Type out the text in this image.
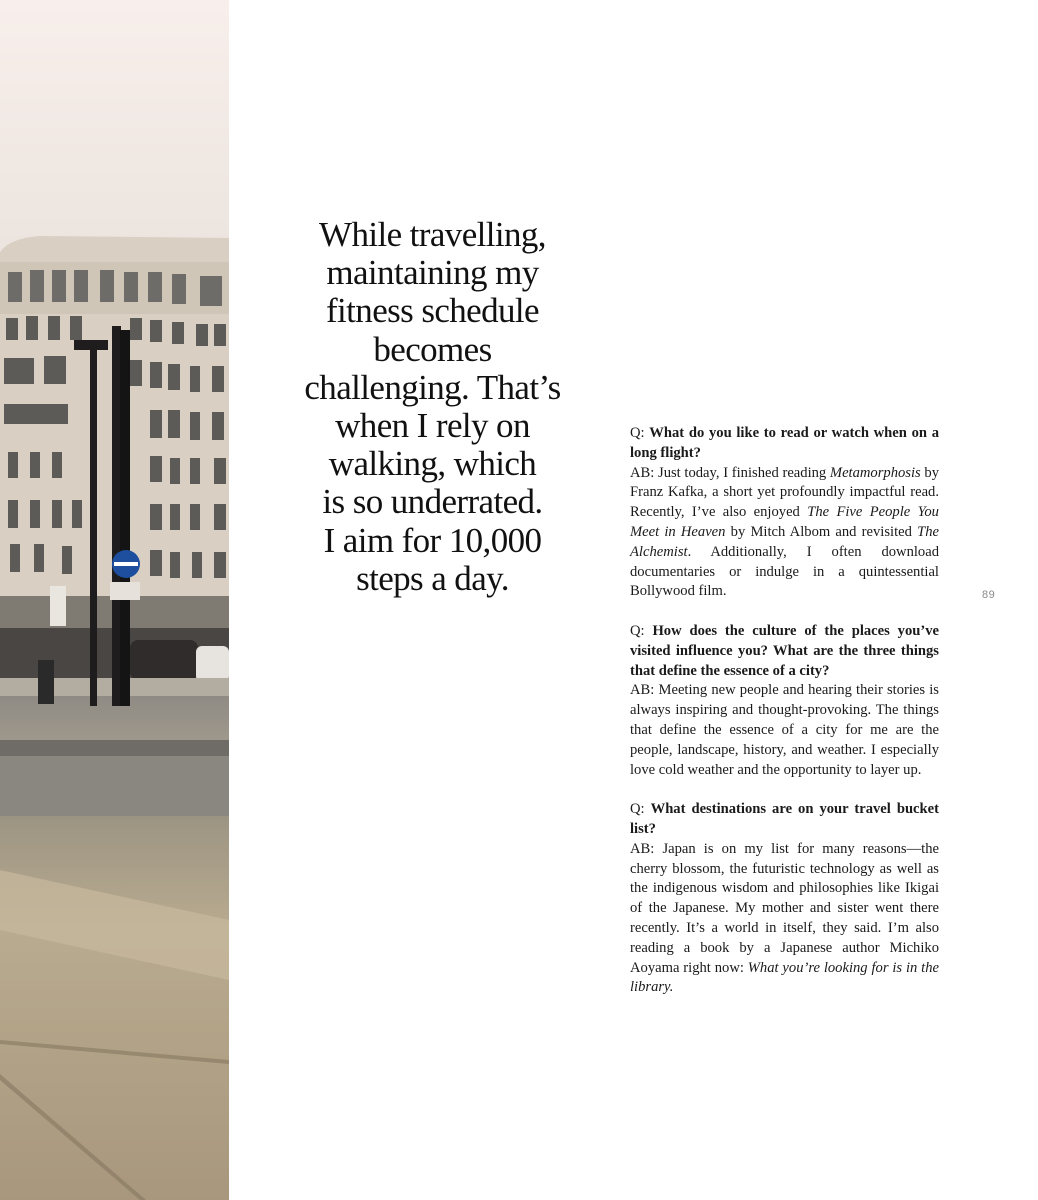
While travelling,
maintaining my
fitness schedule
becomes
challenging. That’s
when I rely on
walking, which
is so underrated.
I aim for 10,000
steps a day.

Q: What do you like to read or watch when on a long flight?

AB: Just today, I finished reading Metamorphosis by Franz Kafka, a short yet profoundly impactful read. Recently, I’ve also enjoyed The Five People You Meet in Heaven by Mitch Albom and revisited The Alchemist. Additionally, I often download documentaries or indulge in a quintessential Bollywood film.

Q: How does the culture of the places you’ve visited influence you? What are the three things that define the essence of a city?

AB: Meeting new people and hearing their stories is always inspiring and thought-provoking. The things that define the essence of a city for me are the people, landscape, history, and weather. I especially love cold weather and the opportunity to layer up.

Q: What destinations are on your travel bucket list?

AB: Japan is on my list for many reasons—the cherry blossom, the futuristic technology as well as the indigenous wisdom and philosophies like Ikigai of the Japanese. My mother and sister went there recently. It’s a world in itself, they said. I’m also reading a book by a Japanese author Michiko Aoyama right now: What you’re looking for is in the library.

89
